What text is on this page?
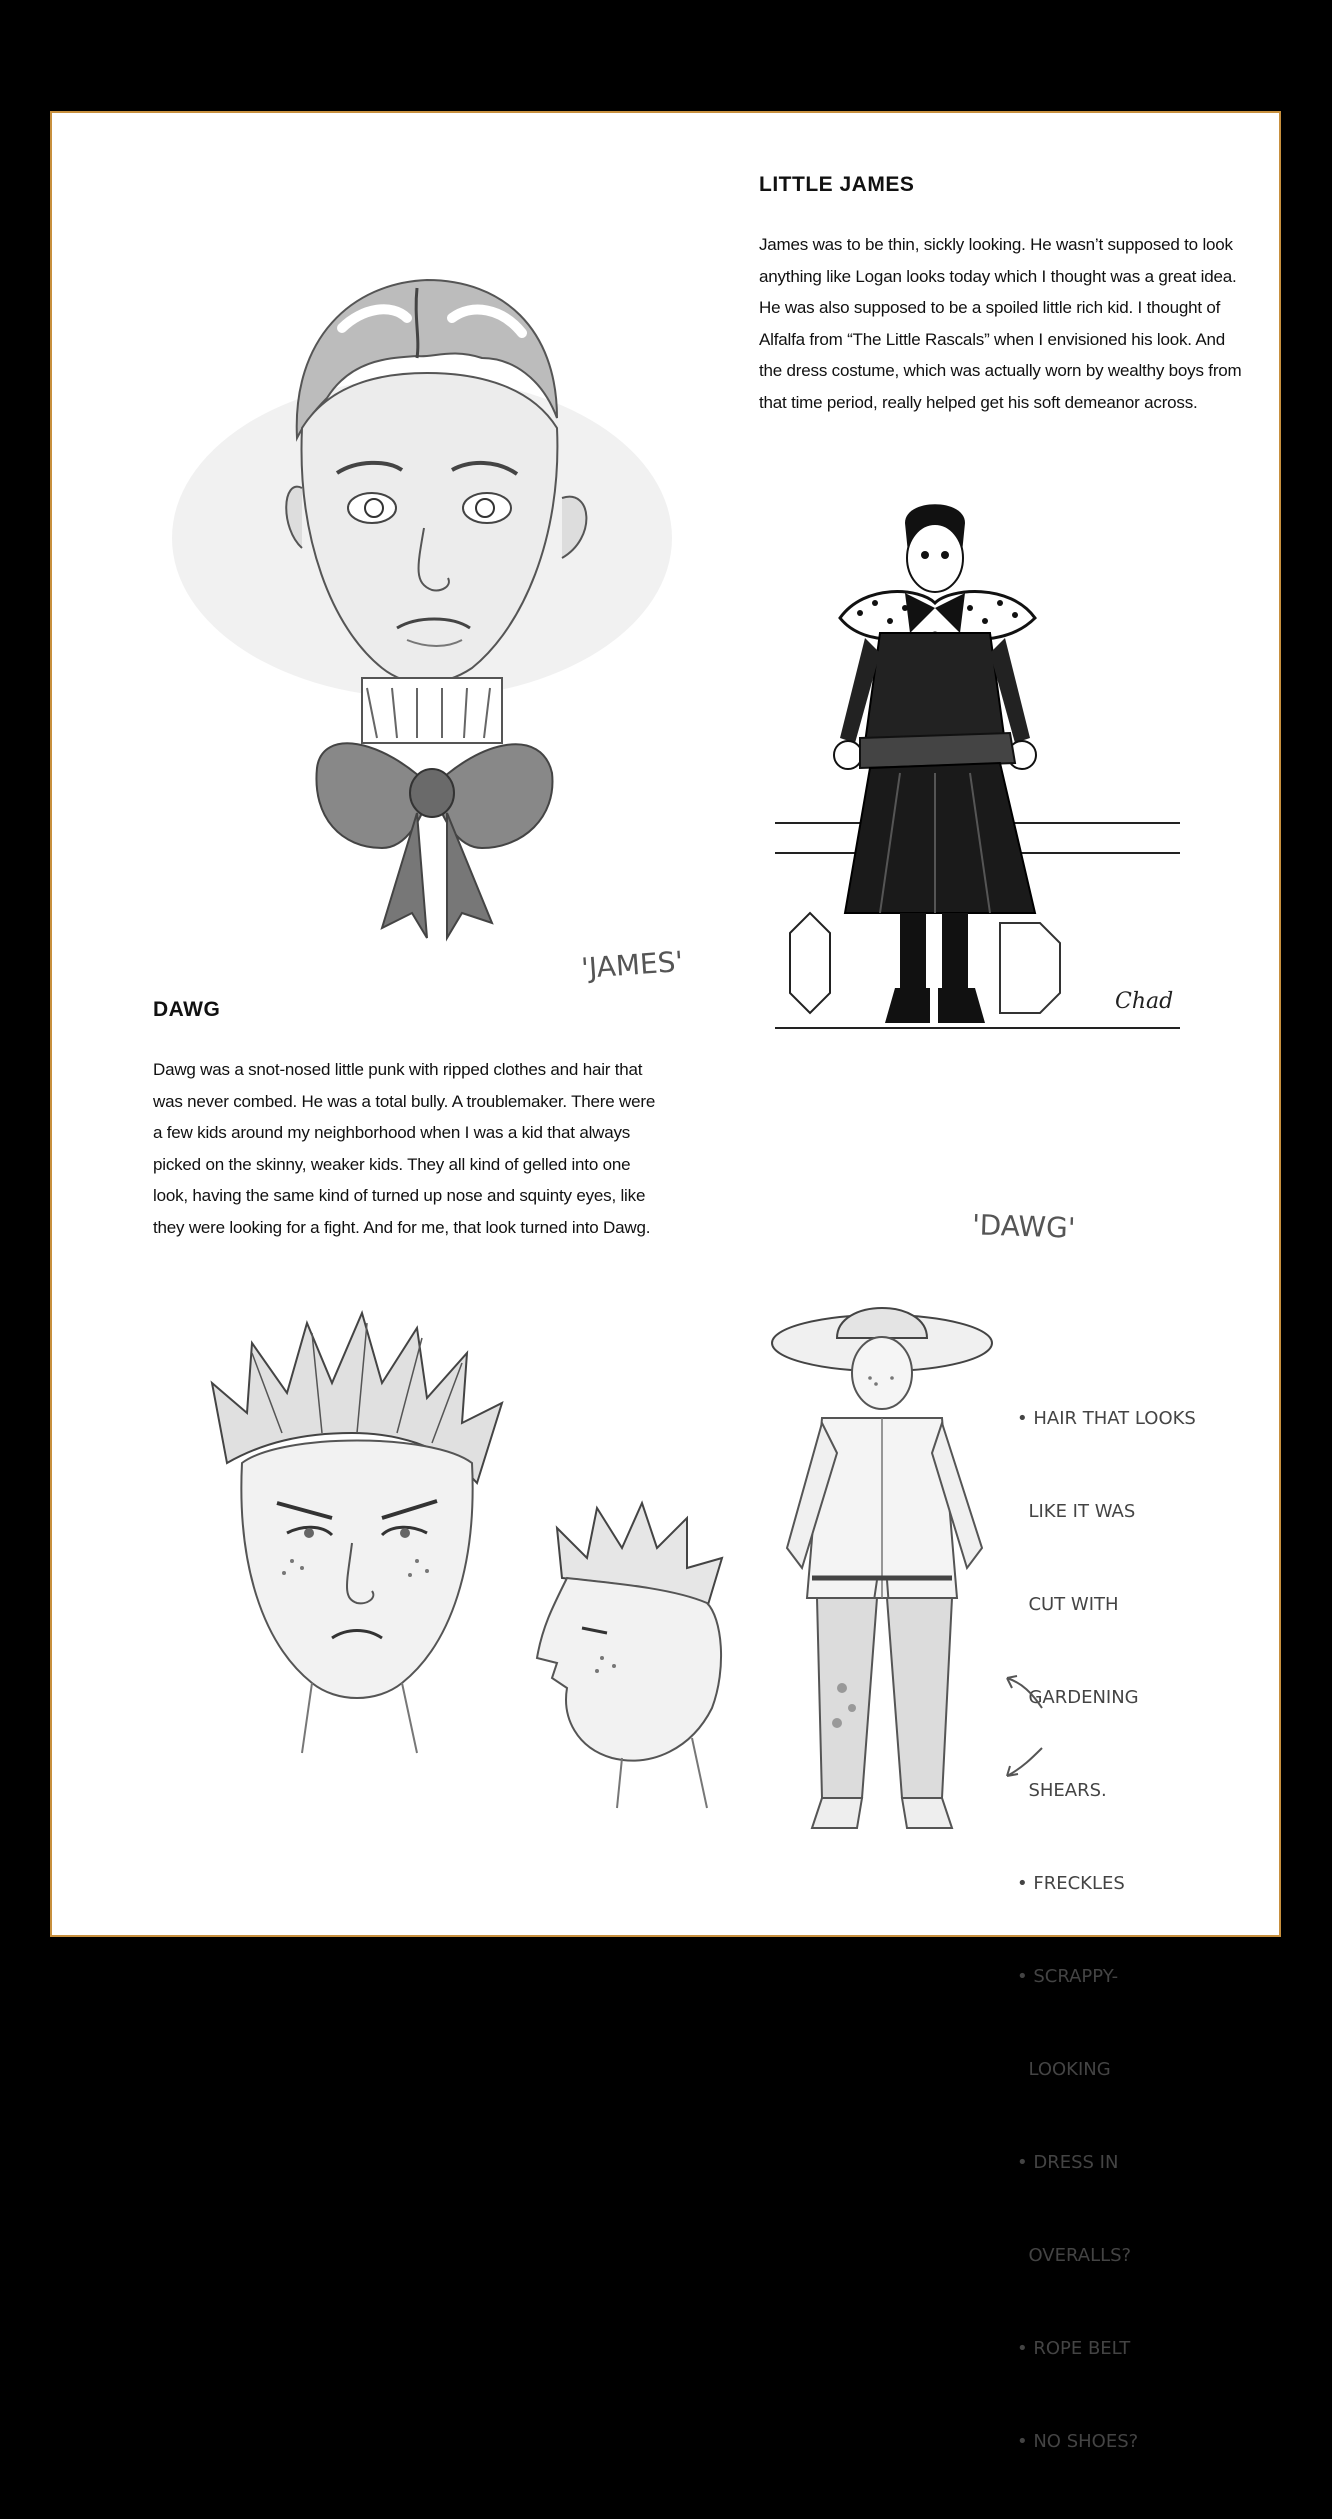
LITTLE JAMES
James was to be thin, sickly looking. He wasn’t supposed to look
anything like Logan looks today which I thought was a great idea.
He was also supposed to be a spoiled little rich kid. I thought of
Alfalfa from “The Little Rascals” when I envisioned his look. And
the dress costume, which was actually worn by wealthy boys from
that time period, really helped get his soft demeanor across.
'JAMES'
Chad
DAWG
Dawg was a snot-nosed little punk with ripped clothes and hair that
was never combed. He was a total bully. A troublemaker. There were
a few kids around my neighborhood when I was a kid that always
picked on the skinny, weaker kids. They all kind of gelled into one
look, having the same kind of turned up nose and squinty eyes, like
they were looking for a fight. And for me, that look turned into Dawg.	'DAWG'

• HAIR THAT LOOKS

LIKE IT WAS

CUT WITH

GARDENING

SHEARS.

• FRECKLES

• SCRAPPY-

LOOKING

• DRESS IN

OVERALLS?

• ROPE BELT

• NO SHOES?
